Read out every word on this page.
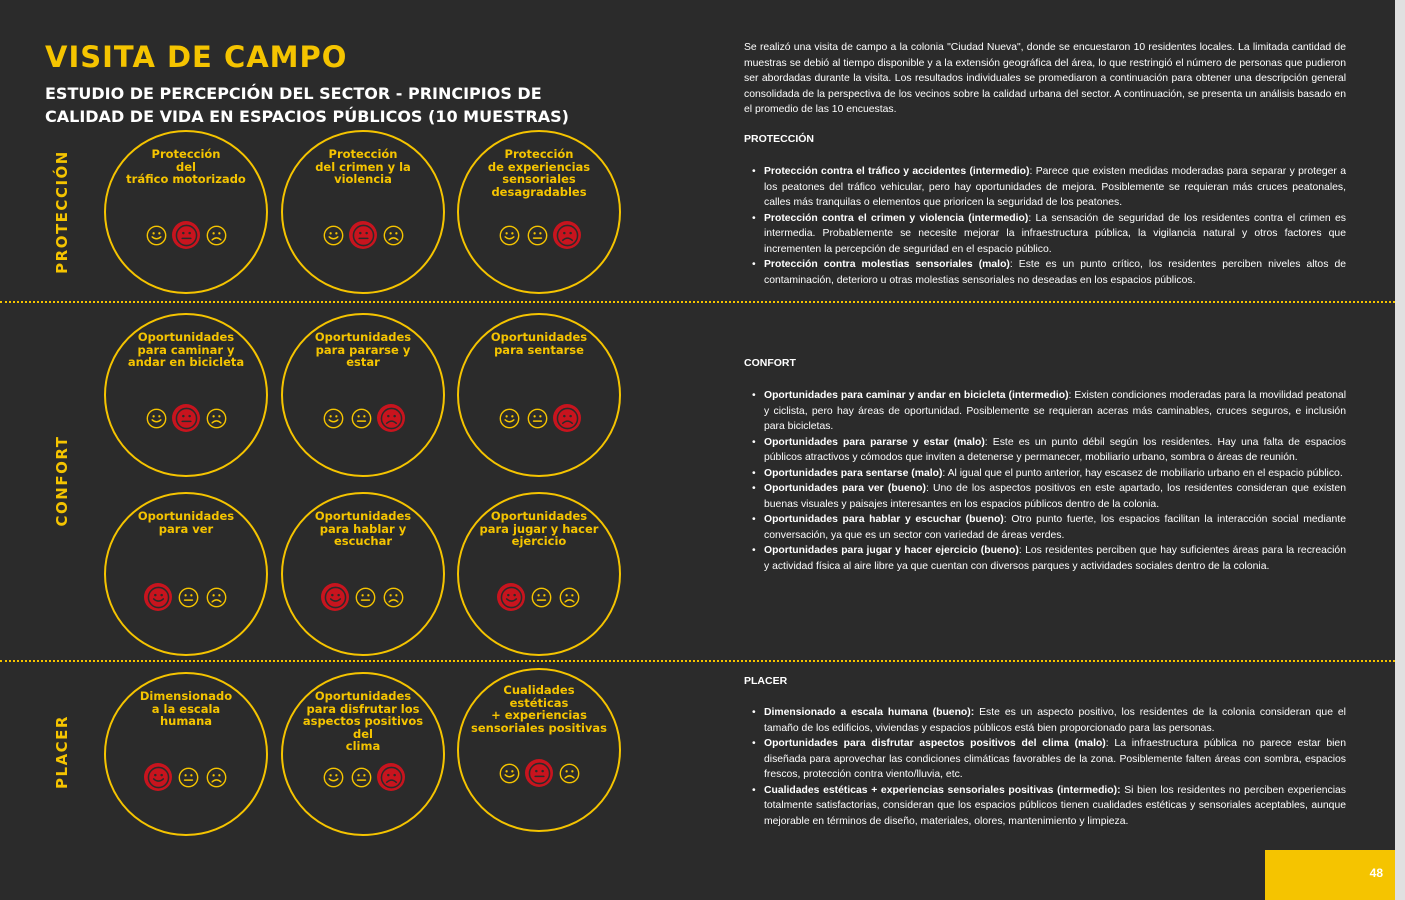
VISITA DE CAMPO
ESTUDIO DE PERCEPCIÓN DEL SECTOR - PRINCIPIOS DE CALIDAD DE VIDA EN ESPACIOS PÚBLICOS (10 MUESTRAS)
PROTECCIÓN
CONFORT
PLACER
Protección
del
tráfico motorizado
Protección
del crimen y la
violencia
Protección
de experiencias
sensoriales
desagradables
Oportunidades
para caminar y
andar en bicicleta
Oportunidades
para pararse y
estar
Oportunidades
para sentarse
Oportunidades
para ver
Oportunidades
para hablar y
escuchar
Oportunidades
para jugar y hacer
ejercicio
Dimensionado
a la escala
humana
Oportunidades
para disfrutar los
aspectos positivos del
clima
Cualidades
estéticas
+ experiencias
sensoriales positivas

Se realizó una visita de campo a la colonia "Ciudad Nueva", donde se encuestaron 10 residentes locales. La limitada cantidad de muestras se debió al tiempo disponible y a la extensión geográfica del área, lo que restringió el número de personas que pudieron ser abordadas durante la visita. Los resultados individuales se promediaron a continuación para obtener una descripción general consolidada de la perspectiva de los vecinos sobre la calidad urbana del sector. A continuación, se presenta un análisis basado en el promedio de las 10 encuestas.

PROTECCIÓN
• Protección contra el tráfico y accidentes (intermedio): Parece que existen medidas moderadas para separar y proteger a los peatones del tráfico vehicular, pero hay oportunidades de mejora. Posiblemente se requieran más cruces peatonales, calles más tranquilas o elementos que prioricen la seguridad de los peatones.
• Protección contra el crimen y violencia (intermedio): La sensación de seguridad de los residentes contra el crimen es intermedia. Probablemente se necesite mejorar la infraestructura pública, la vigilancia natural y otros factores que incrementen la percepción de seguridad en el espacio público.
• Protección contra molestias sensoriales (malo): Este es un punto crítico, los residentes perciben niveles altos de contaminación, deterioro u otras molestias sensoriales no deseadas en los espacios públicos.
CONFORT
• Oportunidades para caminar y andar en bicicleta (intermedio): Existen condiciones moderadas para la movilidad peatonal y ciclista, pero hay áreas de oportunidad. Posiblemente se requieran aceras más caminables, cruces seguros, e inclusión para bicicletas.
• Oportunidades para pararse y estar (malo): Este es un punto débil según los residentes. Hay una falta de espacios públicos atractivos y cómodos que inviten a detenerse y permanecer, mobiliario urbano, sombra o áreas de reunión.
• Oportunidades para sentarse (malo): Al igual que el punto anterior, hay escasez de mobiliario urbano en el espacio público.
• Oportunidades para ver (bueno): Uno de los aspectos positivos en este apartado, los residentes consideran que existen buenas visuales y paisajes interesantes en los espacios públicos dentro de la colonia.
• Oportunidades para hablar y escuchar (bueno): Otro punto fuerte, los espacios facilitan la interacción social mediante conversación, ya que es un sector con variedad de áreas verdes.
• Oportunidades para jugar y hacer ejercicio (bueno): Los residentes perciben que hay suficientes áreas para la recreación y actividad física al aire libre ya que cuentan con diversos parques y actividades sociales dentro de la colonia.
PLACER
• Dimensionado a escala humana (bueno): Este es un aspecto positivo, los residentes de la colonia consideran que el tamaño de los edificios, viviendas y espacios públicos está bien proporcionado para las personas.
• Oportunidades para disfrutar aspectos positivos del clima (malo): La infraestructura pública no parece estar bien diseñada para aprovechar las condiciones climáticas favorables de la zona. Posiblemente falten áreas con sombra, espacios frescos, protección contra viento/lluvia, etc.
• Cualidades estéticas + experiencias sensoriales positivas (intermedio): Si bien los residentes no perciben experiencias totalmente satisfactorias, consideran que los espacios públicos tienen cualidades estéticas y sensoriales aceptables, aunque mejorable en términos de diseño, materiales, olores, mantenimiento y limpieza.
48
